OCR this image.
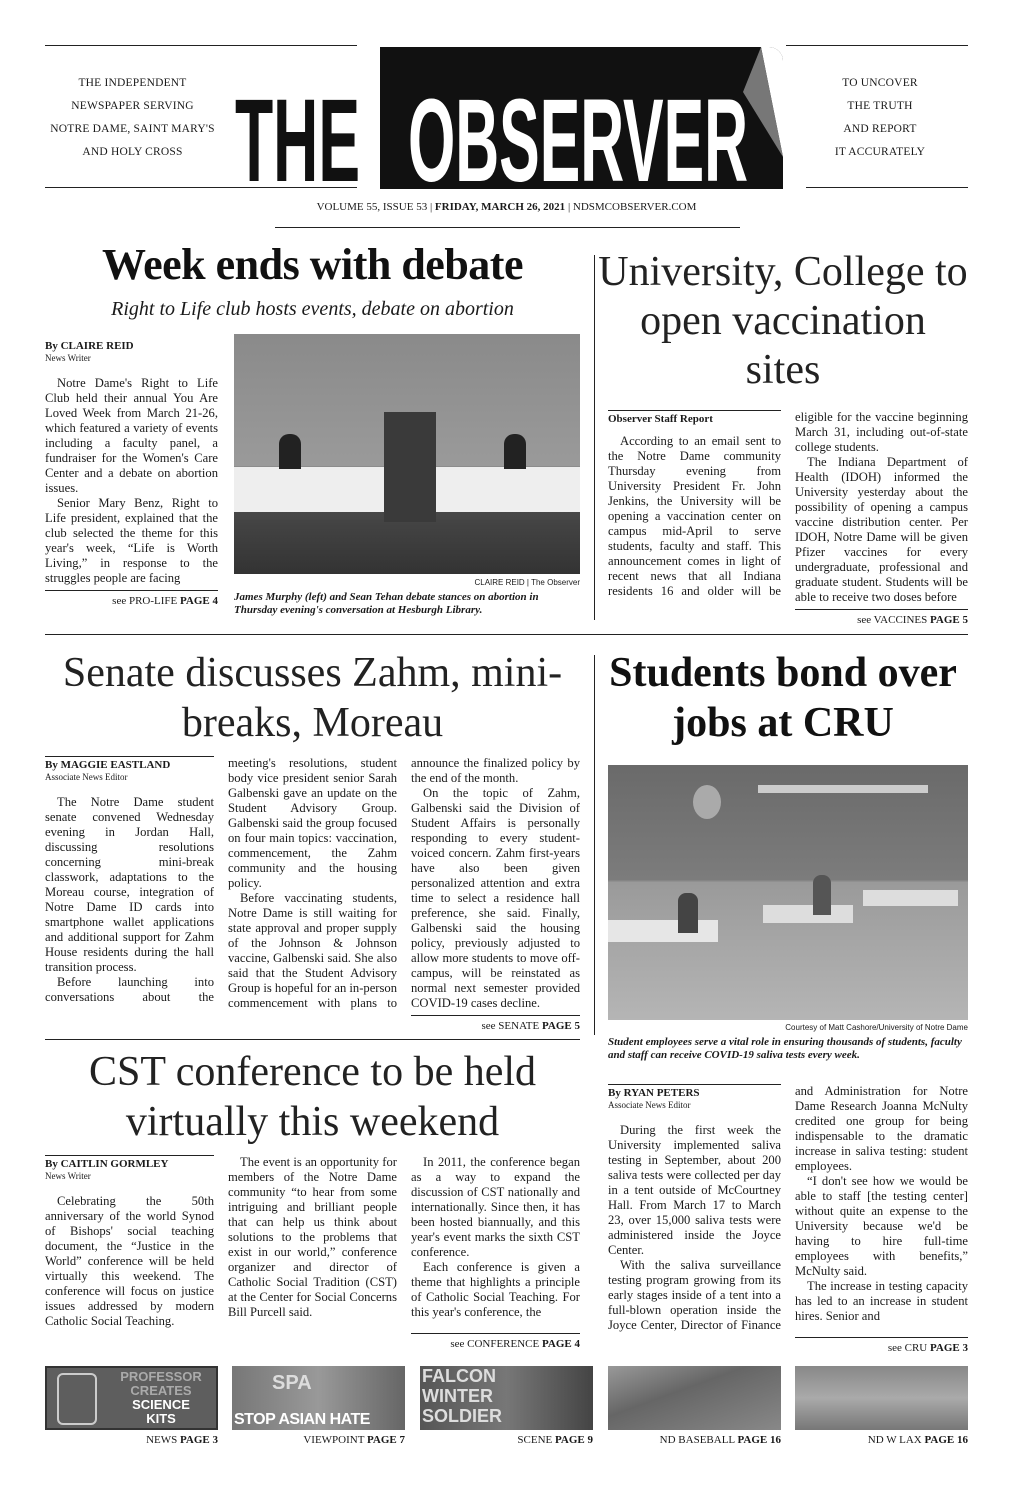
THE INDEPENDENT
NEWSPAPER SERVING
NOTRE DAME, SAINT MARY'S
AND HOLY CROSS THE OBSERVER	TO UNCOVER
THE TRUTH
AND REPORT
IT ACCURATELY
VOLUME 55, ISSUE 53 | FRIDAY, MARCH 26, 2021 | NDSMCOBSERVER.COM
Week ends with debate
Right to Life club hosts events, debate on abortion
By CLAIRE REID
News Writer

Notre Dame's Right to Life Club held their annual You Are Loved Week from March 21-26, which featured a variety of events including a faculty panel, a fundraiser for the Women's Care Center and a debate on abortion issues.

Senior Mary Benz, Right to Life president, explained that the club selected the theme for this year's week, “Life is Worth Living,” in response to the struggles people are facing

see PRO-LIFE PAGE 4
CLAIRE REID | The Observer
James Murphy (left) and Sean Tehan debate stances on abortion in Thursday evening's conversation at Hesburgh Library.
University, College to open vaccination sites
Observer Staff Report

According to an email sent to the Notre Dame community Thursday evening from University President Fr. John Jenkins, the University will be opening a vaccination center on campus mid-April to serve students, faculty and staff. This announcement comes in light of recent news that all Indiana residents 16 and older will be eligible for the vaccine beginning March 31, including out-of-state college students.

The Indiana Department of Health (IDOH) informed the University yesterday about the possibility of opening a campus vaccine distribution center. Per IDOH, Notre Dame will be given Pfizer vaccines for every undergraduate, professional and graduate student. Students will be able to receive two doses before

see VACCINES PAGE 5
Senate discusses Zahm, mini-breaks, Moreau
By MAGGIE EASTLAND
Associate News Editor

The Notre Dame student senate convened Wednesday evening in Jordan Hall, discussing resolutions concerning mini-break classwork, adaptations to the Moreau course, integration of Notre Dame ID cards into smartphone wallet applications and additional support for Zahm House residents during the hall transition process.

Before launching into conversations about the meeting's resolutions, student body vice president senior Sarah Galbenski gave an update on the Student Advisory Group. Galbenski said the group focused on four main topics: vaccination, commencement, the Zahm community and the housing policy.

Before vaccinating students, Notre Dame is still waiting for state approval and proper supply of the Johnson & Johnson vaccine, Galbenski said. She also said that the Student Advisory Group is hopeful for an in-person commencement with plans to announce the finalized policy by the end of the month.

On the topic of Zahm, Galbenski said the Division of Student Affairs is personally responding to every student-voiced concern. Zahm first-years have also been given personalized attention and extra time to select a residence hall preference, she said. Finally, Galbenski said the housing policy, previously adjusted to allow more students to move off-campus, will be reinstated as normal next semester provided COVID-19 cases decline.

see SENATE PAGE 5
Students bond over jobs at CRU
Courtesy of Matt Cashore/University of Notre Dame
Student employees serve a vital role in ensuring thousands of students, faculty and staff can receive COVID-19 saliva tests every week.
By RYAN PETERS
Associate News Editor

During the first week the University implemented saliva testing in September, about 200 saliva tests were collected per day in a tent outside of McCourtney Hall. From March 17 to March 23, over 15,000 saliva tests were administered inside the Joyce Center.

With the saliva surveillance testing program growing from its early stages inside of a tent into a full-blown operation inside the Joyce Center, Director of Finance and Administration for Notre Dame Research Joanna McNulty credited one group for being indispensable to the dramatic increase in saliva testing: student employees.

“I don't see how we would be able to staff [the testing center] without quite an expense to the University because we'd be having to hire full-time employees with benefits,” McNulty said.

The increase in testing capacity has led to an increase in student hires. Senior and

see CRU PAGE 3
CST conference to be held virtually this weekend
By CAITLIN GORMLEY
News Writer

Celebrating the 50th anniversary of the world Synod of Bishops' social teaching document, the “Justice in the World” conference will be held virtually this weekend. The conference will focus on justice issues addressed by modern Catholic Social Teaching.

The event is an opportunity for members of the Notre Dame community “to hear from some intriguing and brilliant people that can help us think about solutions to the problems that exist in our world,” conference organizer and director of Catholic Social Tradition (CST) at the Center for Social Concerns Bill Purcell said.

In 2011, the conference began as a way to expand the discussion of CST nationally and internationally. Since then, it has been hosted biannually, and this year's event marks the sixth CST conference.

Each conference is given a theme that highlights a principle of Catholic Social Teaching. For this year's conference, the

see CONFERENCE PAGE 4
PROFESSOR
CREATES
SCIENCE
KITS
SPA
STOP ASIAN HATE
FALCON
WINTER
SOLDIER
NEWS PAGE 3	VIEWPOINT PAGE 7	SCENE PAGE 9	ND BASEBALL PAGE 16	ND W LAX PAGE 16
